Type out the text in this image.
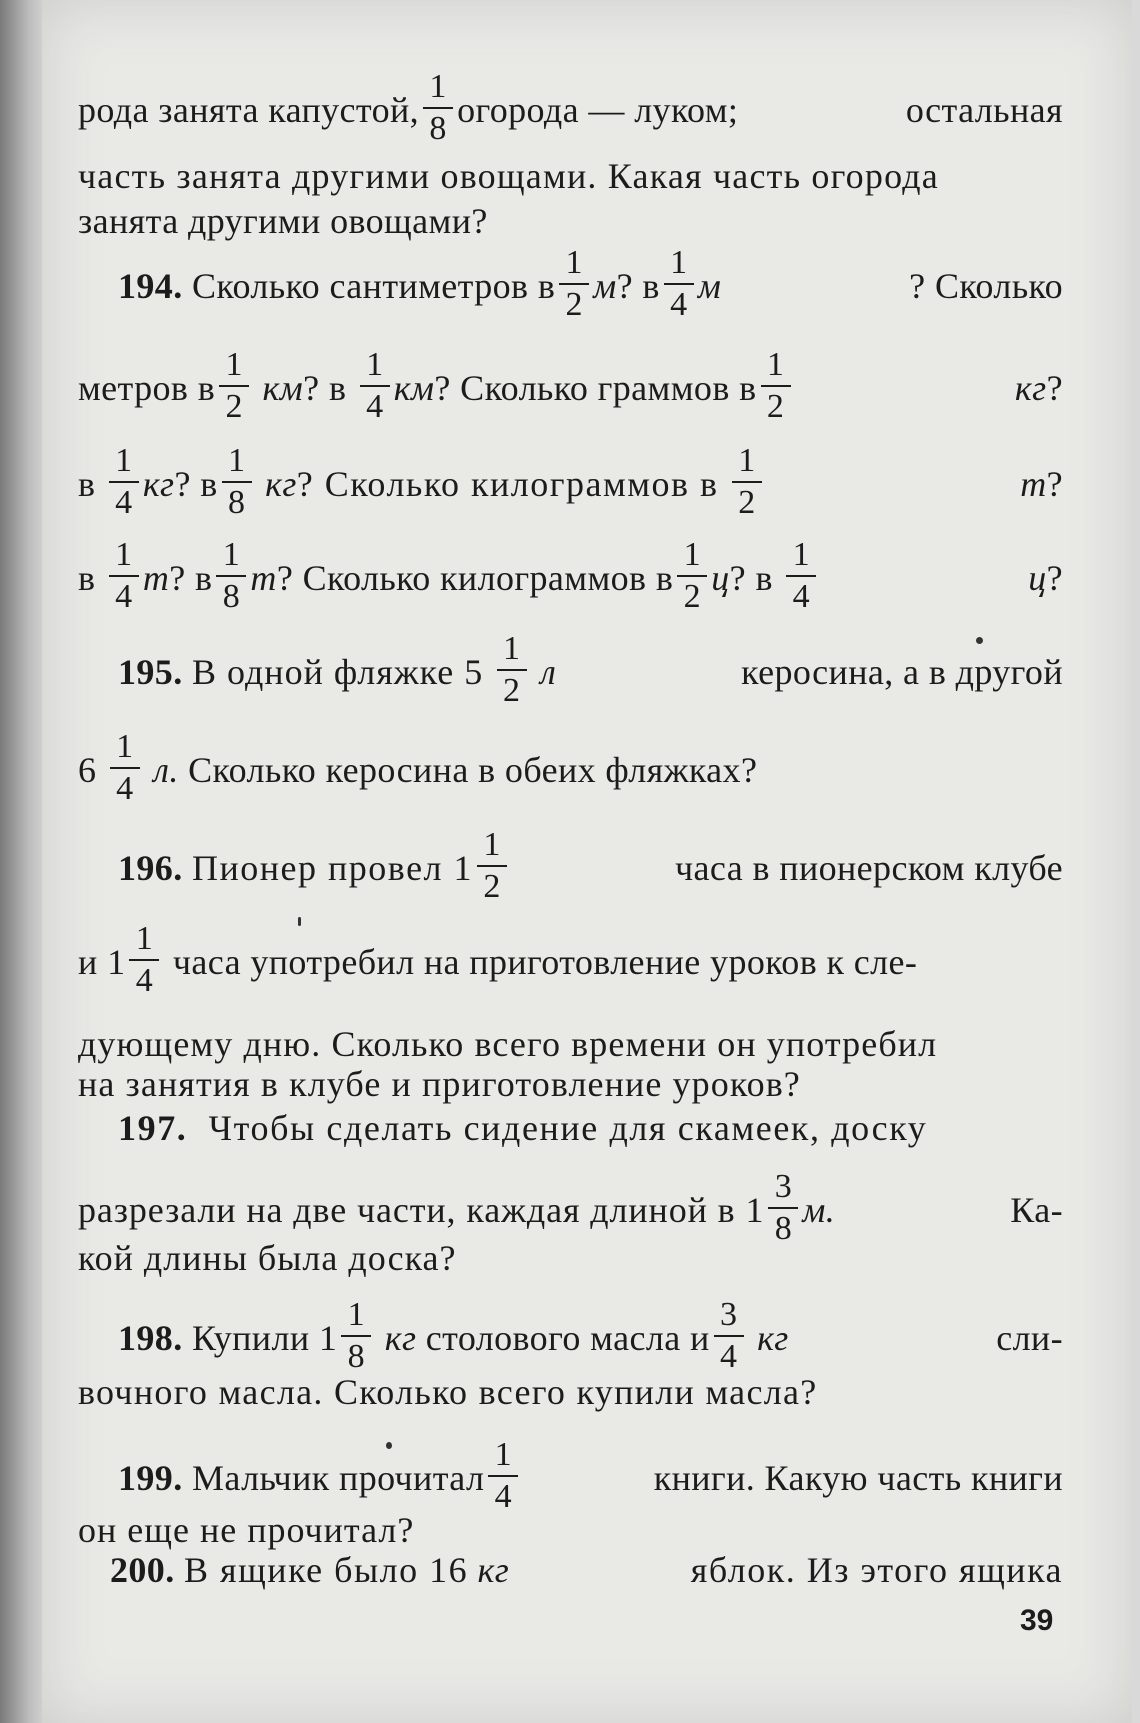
рода занята капустой, $\frac{1}{8}$ огорода — луком;	остальная
часть занята другими овощами. Какая часть огорода
занята другими овощами?
194.
Сколько сантиметров в $\frac{1}{2}$ м ? в $\frac{1}{4}$ м	? Сколько
метров в $\frac{1}{2}$
км ? в
$\frac{1}{4}$ км ? Сколько граммов в $\frac{1}{2}$	кг ?
в
$\frac{1}{4}$ кг ? в $\frac{1}{8}$
кг ? Сколько килограммов в
$\frac{1}{2}$	т ?
в
$\frac{1}{4}$ т ? в $\frac{1}{8}$ т ? Сколько килограммов в $\frac{1}{2}$ ц ? в
$\frac{1}{4}$	ц ?
195.
В одной фляжке 5
$\frac{1}{2}$
л	керосина, а в другой
6
$\frac{1}{4}$
л.
Сколько керосина в обеих фляжках?
196.
Пионер провел $1 \frac{1}{2}$	часа в пионерском клубе
и $1 \frac{1}{4}$
часа употребил на приготовление уроков к сле-
дующему дню. Сколько всего времени он употребил
на занятия в клубе и приготовление уроков?
197. Чтобы сделать сидение для скамеек, доску
разрезали на две части, каждая длиной в $1 \frac{3}{8} м$.	Ка-
кой длины была доска?
198.
Купили $1 \frac{1}{8}$
кг
столового масла и $\frac{3}{4}$
кг	сли-
вочного масла. Сколько всего купили масла?
199.
Мальчик прочитал $\frac{1}{4}$	книги. Какую часть книги
он еще не прочитал?
200.
В ящике было 16
кг	яблок. Из этого ящика
39
